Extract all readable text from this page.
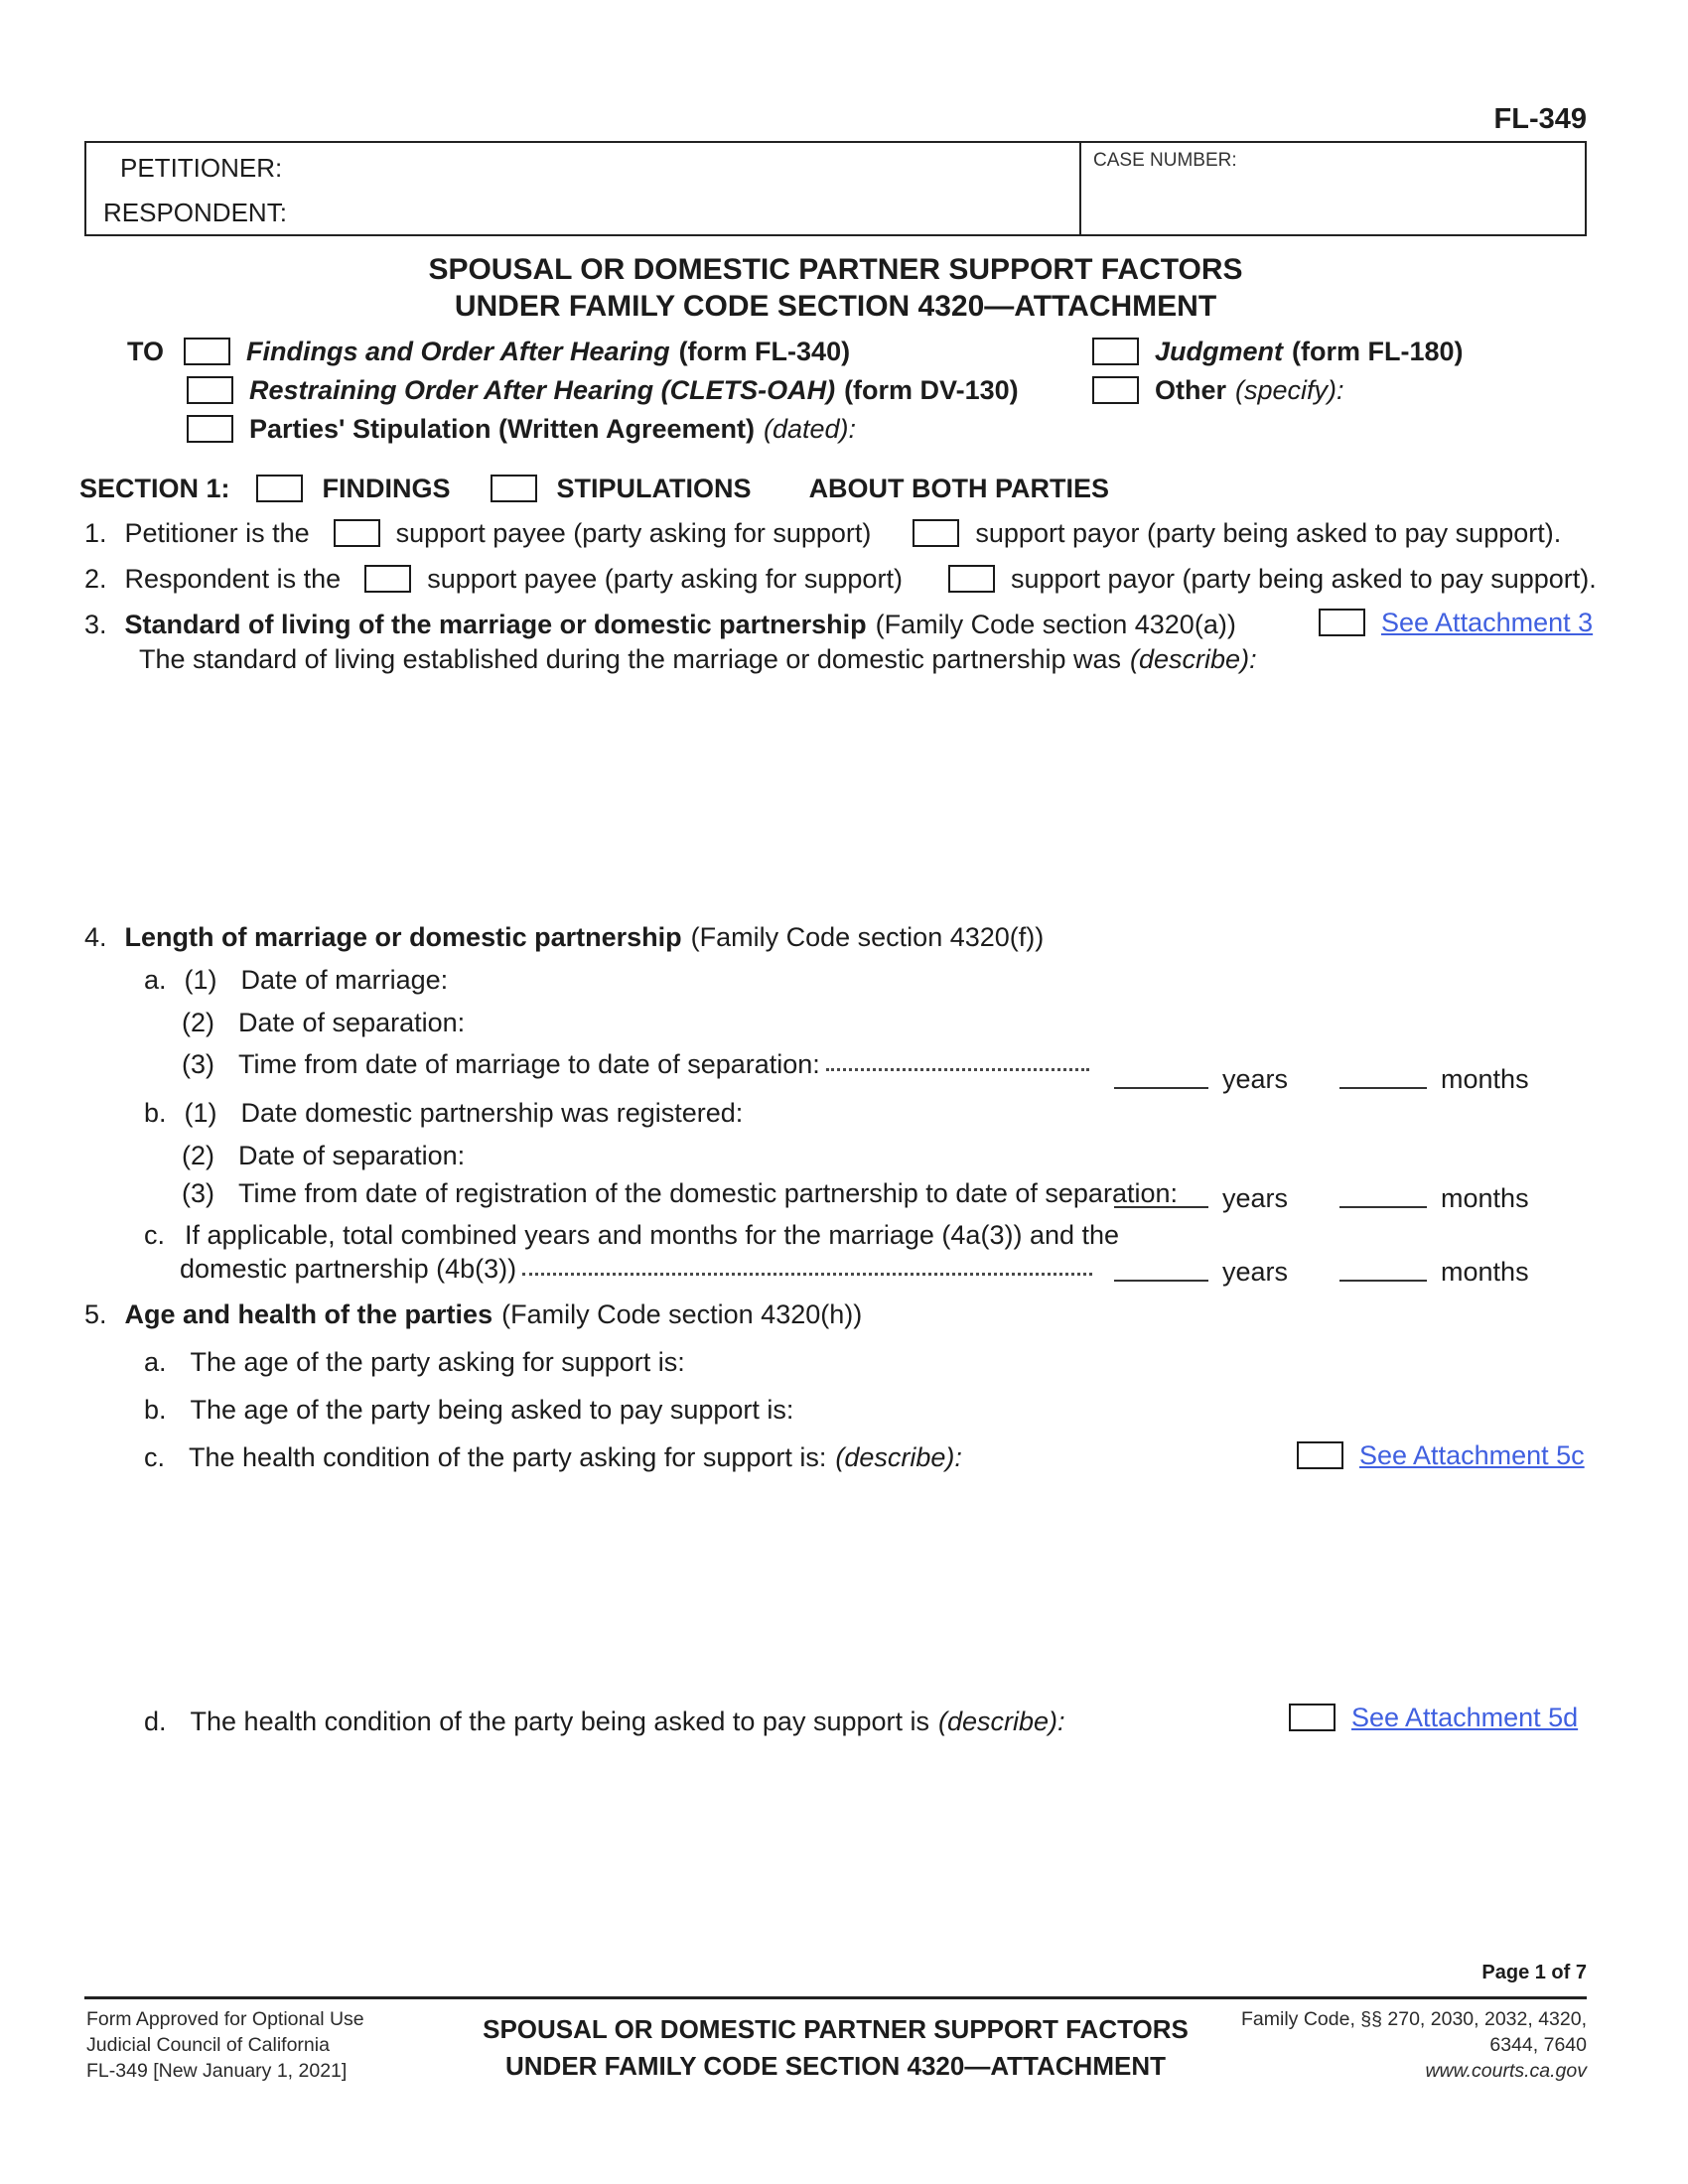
FL-349
PETITIONER:
RESPONDENT:
CASE NUMBER:
SPOUSAL OR DOMESTIC PARTNER SUPPORT FACTORS
UNDER FAMILY CODE SECTION 4320—ATTACHMENT
TO	Findings and Order After Hearing (form FL-340)	Judgment (form FL-180)
Restraining Order After Hearing (CLETS-OAH) (form DV-130)	Other (specify):
Parties' Stipulation (Written Agreement) (dated):
SECTION 1:	FINDINGS	STIPULATIONS ABOUT BOTH PARTIES
1. Petitioner is the	support payee (party asking for support)	support payor (party being asked to pay support).
2. Respondent is the	support payee (party asking for support)	support payor (party being asked to pay support).
3. Standard of living of the marriage or domestic partnership (Family Code section 4320(a))	See Attachment 3
The standard of living established during the marriage or domestic partnership was (describe):
4. Length of marriage or domestic partnership (Family Code section 4320(f))
a. (1) Date of marriage:
(2) Date of separation:
(3) Time from date of marriage to date of separation:	years	months
b. (1) Date domestic partnership was registered:
(2) Date of separation:
(3) Time from date of registration of the domestic partnership to date of separation: years	months
c. If applicable, total combined years and months for the marriage (4a(3)) and the
domestic partnership (4b(3))	years	months
5. Age and health of the parties (Family Code section 4320(h))
a. The age of the party asking for support is:
b. The age of the party being asked to pay support is:
c. The health condition of the party asking for support is: (describe):	See Attachment 5c
d. The health condition of the party being asked to pay support is (describe):	See Attachment 5d
Page 1 of 7
Form Approved for Optional Use
Judicial Council of California
FL-349 [New January 1, 2021]
SPOUSAL OR DOMESTIC PARTNER SUPPORT FACTORS
UNDER FAMILY CODE SECTION 4320—ATTACHMENT
Family Code, §§ 270, 2030, 2032, 4320,
6344, 7640
www.courts.ca.gov
